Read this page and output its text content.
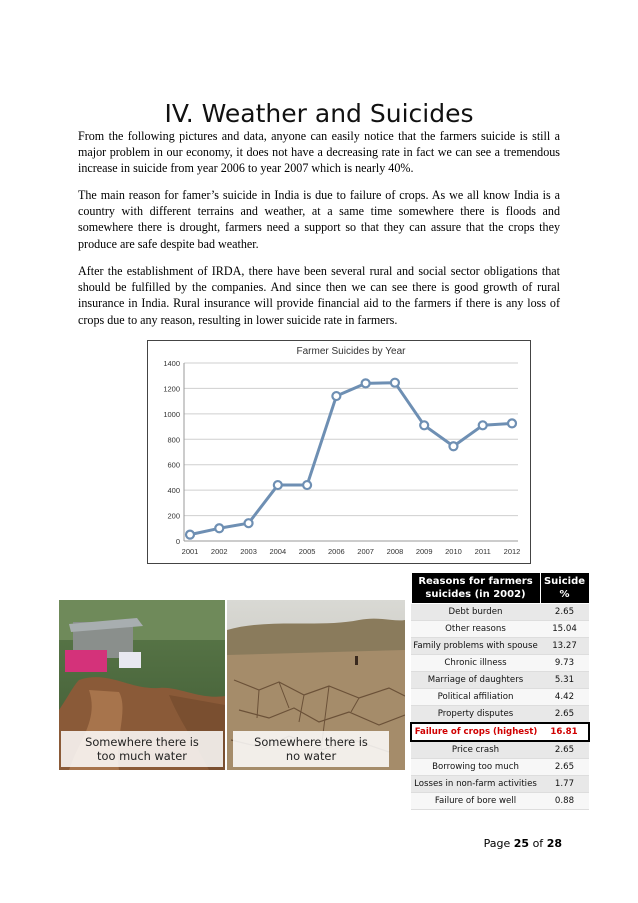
IV. Weather and Suicides

From the following pictures and data, anyone can easily notice that the farmers suicide is still a major problem in our economy, it does not have a decreasing rate in fact we can see a tremendous increase in suicide from year 2006 to year 2007 which is nearly 40%.

The main reason for famer’s suicide in India is due to failure of crops. As we all know India is a country with different terrains and weather, at a same time somewhere there is floods and somewhere there is drought, farmers need a support so that they can assure that the crops they produce are safe despite bad weather.

After the establishment of IRDA, there have been several rural and social sector obligations that should be fulfilled by the companies. And since then we can see there is good growth of rural insurance in India. Rural insurance will provide financial aid to the farmers if there is any loss of crops due to any reason, resulting in lower suicide rate in farmers.

Farmer Suicides by Year
0
200
400
600
800
1000
1200
1400
2001 2002 2003 2004 2005 2006 2007 2008 2009 2010 2011 2012
Somewhere there is
too much water
Somewhere there is
no water
Reasons for farmers suicides (in 2002)	Suicide %
Debt burden	2.65
Other reasons	15.04
Family problems with spouse	13.27
Chronic illness	9.73
Marriage of daughters	5.31
Political affiliation	4.42
Property disputes	2.65
Failure of crops (highest)	16.81
Price crash	2.65
Borrowing too much	2.65
Losses in non-farm activities	1.77
Failure of bore well	0.88
Page 25 of 28
